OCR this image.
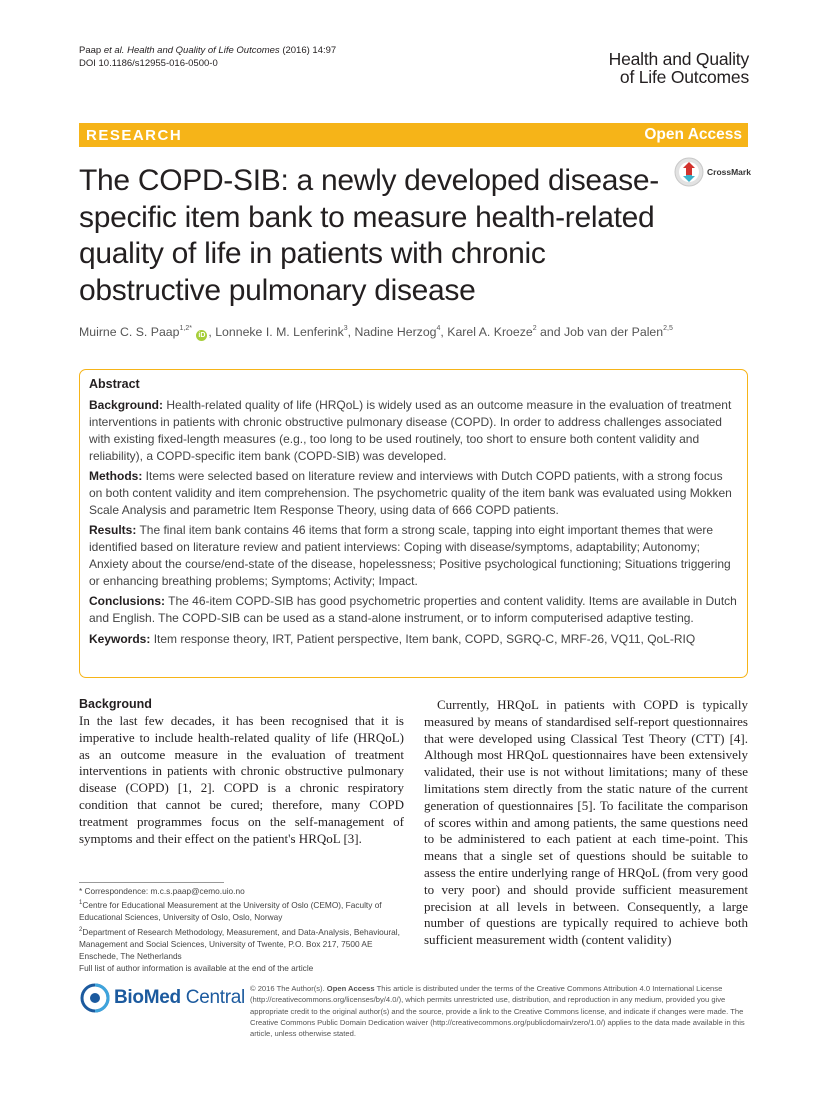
Paap et al. Health and Quality of Life Outcomes (2016) 14:97
DOI 10.1186/s12955-016-0500-0	Health and Quality
of Life Outcomes
RESEARCH	Open Access
The COPD-SIB: a newly developed disease-specific item bank to measure health-related quality of life in patients with chronic obstructive pulmonary disease
CrossMark
Muirne C. S. Paap$^{1,2*}$ iD , Lonneke I. M. Lenferink$^3$, Nadine Herzog$^4$, Karel A. Kroeze$^2$ and Job van der Palen$^{2,5}$
Abstract

Background: Health-related quality of life (HRQoL) is widely used as an outcome measure in the evaluation of treatment interventions in patients with chronic obstructive pulmonary disease (COPD). In order to address challenges associated with existing fixed-length measures (e.g., too long to be used routinely, too short to ensure both content validity and reliability), a COPD-specific item bank (COPD-SIB) was developed.

Methods: Items were selected based on literature review and interviews with Dutch COPD patients, with a strong focus on both content validity and item comprehension. The psychometric quality of the item bank was evaluated using Mokken Scale Analysis and parametric Item Response Theory, using data of 666 COPD patients.

Results: The final item bank contains 46 items that form a strong scale, tapping into eight important themes that were identified based on literature review and patient interviews: Coping with disease/symptoms, adaptability; Autonomy; Anxiety about the course/end-state of the disease, hopelessness; Positive psychological functioning; Situations triggering or enhancing breathing problems; Symptoms; Activity; Impact.

Conclusions: The 46-item COPD-SIB has good psychometric properties and content validity. Items are available in Dutch and English. The COPD-SIB can be used as a stand-alone instrument, or to inform computerised adaptive testing.

Keywords: Item response theory, IRT, Patient perspective, Item bank, COPD, SGRQ-C, MRF-26, VQ11, QoL-RIQ

Background

In the last few decades, it has been recognised that it is imperative to include health-related quality of life (HRQoL) as an outcome measure in the evaluation of treatment interventions in patients with chronic obstructive pulmonary disease (COPD) [1, 2]. COPD is a chronic respiratory condition that cannot be cured; therefore, many COPD treatment programmes focus on the self-management of symptoms and their effect on the patient's HRQoL [3].

Currently, HRQoL in patients with COPD is typically measured by means of standardised self-report questionnaires that were developed using Classical Test Theory (CTT) [4]. Although most HRQoL questionnaires have been extensively validated, their use is not without limitations; many of these limitations stem directly from the static nature of the current generation of questionnaires [5]. To facilitate the comparison of scores within and among patients, the same questions need to be administered to each patient at each time-point. This means that a single set of questions should be suitable to assess the entire underlying range of HRQoL (from very good to very poor) and should provide sufficient measurement precision at all levels in between. Consequently, a large number of questions are typically required to achieve both sufficient measurement width (content validity)

* Correspondence: m.c.s.paap@cemo.uio.no
$^1$Centre for Educational Measurement at the University of Oslo (CEMO), Faculty of Educational Sciences, University of Oslo, Oslo, Norway
$^2$Department of Research Methodology, Measurement, and Data-Analysis, Behavioural, Management and Social Sciences, University of Twente, P.O. Box 217, 7500 AE Enschede, The Netherlands
Full list of author information is available at the end of the article
BioMed Central © 2016 The Author(s). Open Access This article is distributed under the terms of the Creative Commons Attribution 4.0 International License (http://creativecommons.org/licenses/by/4.0/), which permits unrestricted use, distribution, and reproduction in any medium, provided you give appropriate credit to the original author(s) and the source, provide a link to the Creative Commons license, and indicate if changes were made. The Creative Commons Public Domain Dedication waiver (http://creativecommons.org/publicdomain/zero/1.0/) applies to the data made available in this article, unless otherwise stated.
